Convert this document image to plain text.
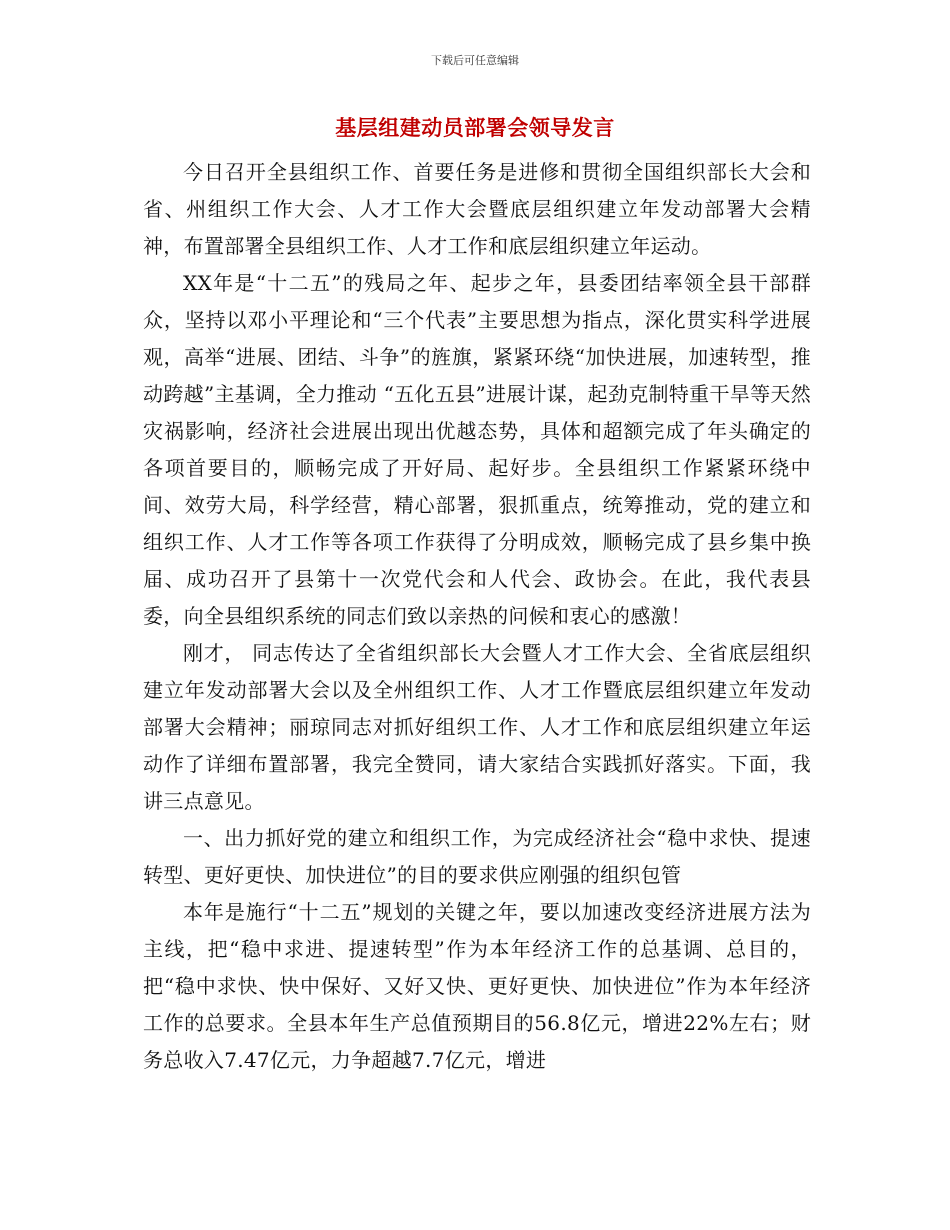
下载后可任意编辑
基层组建动员部署会领导发言

今日召开全县组织工作、首要任务是进修和贯彻全国组织部长大会和省、州组织工作大会、人才工作大会暨底层组织建立年发动部署大会精神，布置部署全县组织工作、人才工作和底层组织建立年运动。

XX年是“十二五”的残局之年、起步之年，县委团结率领全县干部群众，坚持以邓小平理论和“三个代表”主要思想为指点，深化贯实科学进展观，高举“进展、团结、斗争”的旌旗，紧紧环绕“加快进展，加速转型，推动跨越”主基调，全力推动 “五化五县”进展计谋，起劲克制特重干旱等天然灾祸影响，经济社会进展出现出优越态势，具体和超额完成了年头确定的各项首要目的，顺畅完成了开好局、起好步。全县组织工作紧紧环绕中间、效劳大局，科学经营，精心部署，狠抓重点，统筹推动，党的建立和组织工作、人才工作等各项工作获得了分明成效，顺畅完成了县乡集中换届、成功召开了县第十一次党代会和人代会、政协会。在此，我代表县委，向全县组织系统的同志们致以亲热的问候和衷心的感激！

刚才， 同志传达了全省组织部长大会暨人才工作大会、全省底层组织建立年发动部署大会以及全州组织工作、人才工作暨底层组织建立年发动部署大会精神；丽琼同志对抓好组织工作、人才工作和底层组织建立年运动作了详细布置部署，我完全赞同，请大家结合实践抓好落实。下面，我讲三点意见。

一、出力抓好党的建立和组织工作，为完成经济社会“稳中求快、提速转型、更好更快、加快进位”的目的要求供应刚强的组织包管

本年是施行“十二五”规划的关键之年，要以加速改变经济进展方法为主线，把“稳中求进、提速转型”作为本年经济工作的总基调、总目的，把“稳中求快、快中保好、又好又快、更好更快、加快进位”作为本年经济工作的总要求。全县本年生产总值预期目的56.8亿元，增进22%左右；财务总收入7.47亿元，力争超越7.7亿元，增进
